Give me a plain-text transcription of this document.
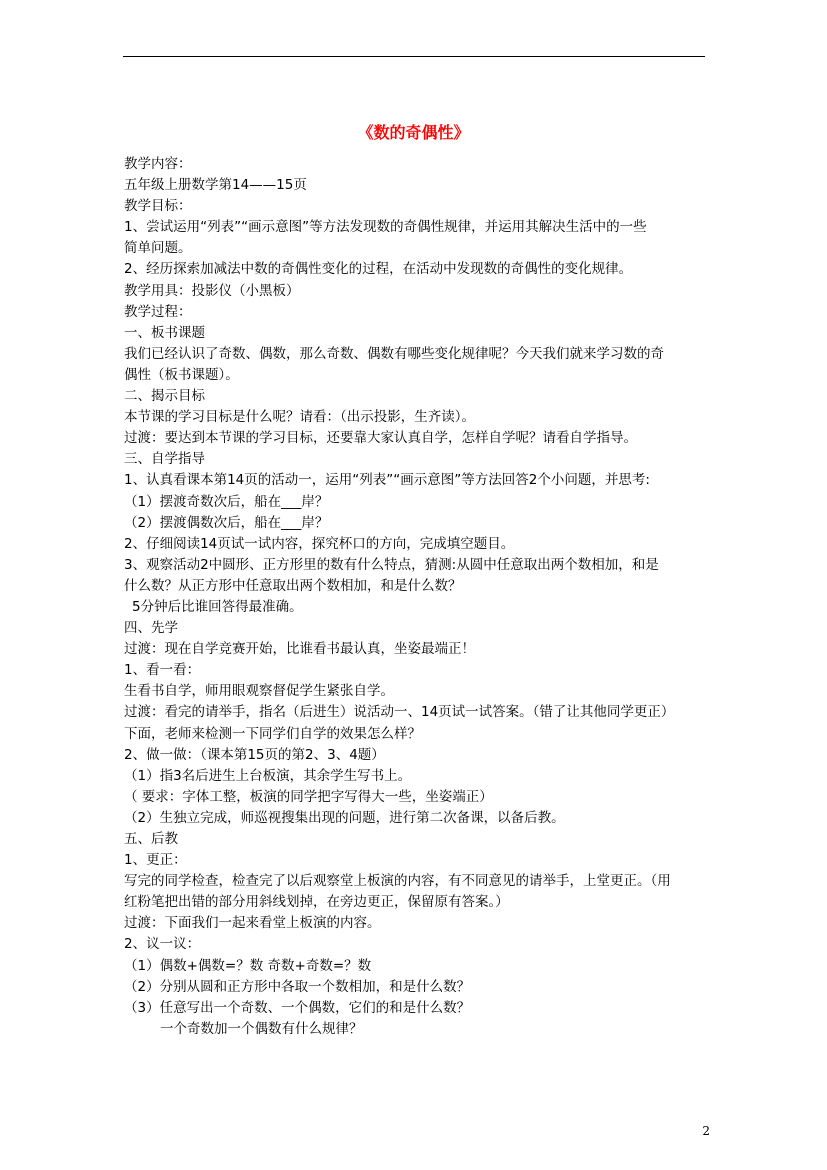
《数的奇偶性》
教学内容：
五年级上册数学第14——15页
教学目标：
1、尝试运用“列表”“画示意图”等方法发现数的奇偶性规律，并运用其解决生活中的一些
简单问题。
2、经历探索加减法中数的奇偶性变化的过程，在活动中发现数的奇偶性的变化规律。
教学用具：投影仪（小黑板）
教学过程：
一、板书课题
我们已经认识了奇数、偶数，那么奇数、偶数有哪些变化规律呢？今天我们就来学习数的奇
偶性（板书课题）。
二、揭示目标
本节课的学习目标是什么呢？请看：（出示投影，生齐读）。
过渡：要达到本节课的学习目标，还要靠大家认真自学，怎样自学呢？请看自学指导。
三、自学指导
1、认真看课本第14页的活动一，运用“列表”“画示意图”等方法回答2个小问题，并思考:
（1）摆渡奇数次后，船在___岸？
（2）摆渡偶数次后，船在___岸？
2、仔细阅读14页试一试内容，探究杯口的方向，完成填空题目。
3、观察活动2中圆形、正方形里的数有什么特点，猜测:从圆中任意取出两个数相加，和是
什么数？从正方形中任意取出两个数相加，和是什么数？
5分钟后比谁回答得最准确。
四、先学
过渡：现在自学竞赛开始，比谁看书最认真，坐姿最端正！
1、看一看：
生看书自学，师用眼观察督促学生紧张自学。
过渡：看完的请举手，指名（后进生）说活动一、14页试一试答案。（错了让其他同学更正）
下面，老师来检测一下同学们自学的效果怎么样？
2、做一做：（课本第15页的第2、3、4题）
（1）指3名后进生上台板演，其余学生写书上。
（ 要求：字体工整，板演的同学把字写得大一些，坐姿端正）
（2）生独立完成，师巡视搜集出现的问题，进行第二次备课，以备后教。
五、后教
1、更正：
写完的同学检查，检查完了以后观察堂上板演的内容，有不同意见的请举手，上堂更正。（用
红粉笔把出错的部分用斜线划掉，在旁边更正，保留原有答案。）
过渡：下面我们一起来看堂上板演的内容。
2、议一议：
（1）偶数+偶数=？数 奇数+奇数=？数
（2）分别从圆和正方形中各取一个数相加，和是什么数？
（3）任意写出一个奇数、一个偶数，它们的和是什么数？
一个奇数加一个偶数有什么规律？
2
